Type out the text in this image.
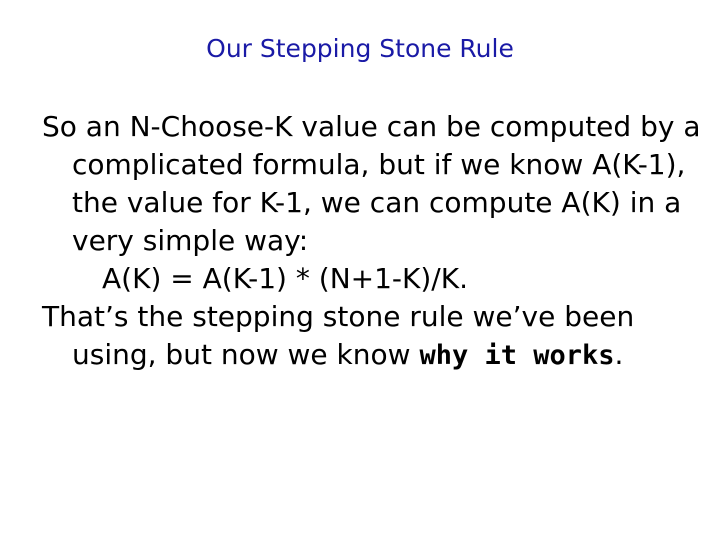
Our Stepping Stone Rule

So an N-Choose-K value can be computed by a complicated formula, but if we know A(K-1), the value for K-1, we can compute A(K) in a very simple way:

A(K) = A(K-1) * (N+1-K)/K.

That’s the stepping stone rule we’ve been using, but now we know why it works.
